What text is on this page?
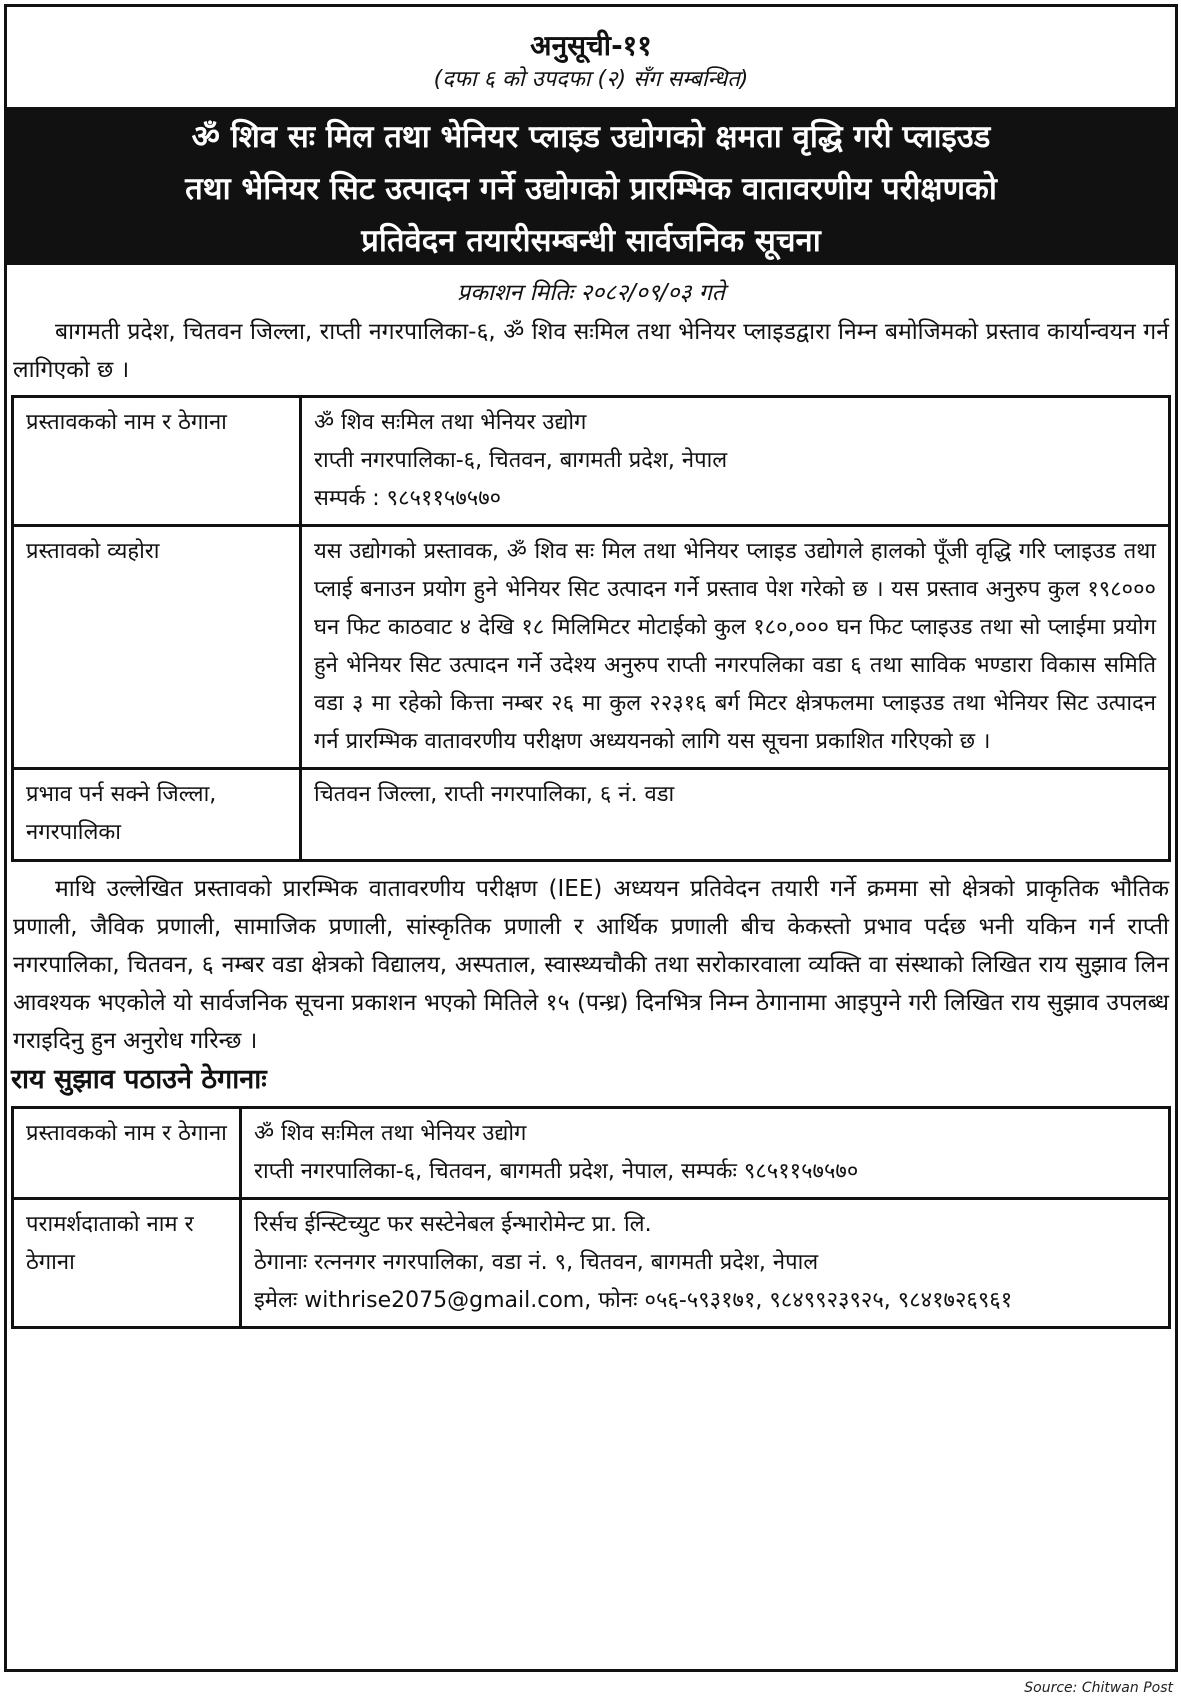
अनुसूची-११
(दफा ६ को उपदफा (२) सँग सम्बन्धित)
ॐ शिव सः मिल तथा भेनियर प्लाइड उद्योगको क्षमता वृद्धि गरी प्लाइउड
तथा भेनियर सिट उत्पादन गर्ने उद्योगको प्रारम्भिक वातावरणीय परीक्षणको
प्रतिवेदन तयारीसम्बन्धी सार्वजनिक सूचना
प्रकाशन मितिः २०८२/०९/०३ गते

बागमती प्रदेश, चितवन जिल्ला, राप्ती नगरपालिका-६, ॐ शिव सःमिल तथा भेनियर प्लाइडद्वारा निम्न बमोजिमको प्रस्ताव कार्यान्वयन गर्न लागिएको छ ।

प्रस्तावकको नाम र ठेगाना	ॐ शिव सःमिल तथा भेनियर उद्योग
राप्ती नगरपालिका-६, चितवन, बागमती प्रदेश, नेपाल
सम्पर्क : ९८५११५७५७०

प्रस्तावको व्यहोरा	यस उद्योगको प्रस्तावक, ॐ शिव सः मिल तथा भेनियर प्लाइड उद्योगले हालको पूँजी वृद्धि गरि प्लाइउड तथा प्लाई बनाउन प्रयोग हुने भेनियर सिट उत्पादन गर्ने प्रस्ताव पेश गरेको छ । यस प्रस्ताव अनुरुप कुल १९८००० घन फिट काठवाट ४ देखि १८ मिलिमिटर मोटाईको कुल १८०,००० घन फिट प्लाइउड तथा सो प्लाईमा प्रयोग हुने भेनियर सिट उत्पादन गर्ने उदेश्य अनुरुप राप्ती नगरपलिका वडा ६ तथा साविक भण्डारा विकास समिति वडा ३ मा रहेको कित्ता नम्बर २६ मा कुल २२३१६ बर्ग मिटर क्षेत्रफलमा प्लाइउड तथा भेनियर सिट उत्पादन गर्न प्रारम्भिक वातावरणीय परीक्षण अध्ययनको लागि यस सूचना प्रकाशित गरिएको छ ।

प्रभाव पर्न सक्ने जिल्ला, नगरपालिका	चितवन जिल्ला, राप्ती नगरपालिका, ६ नं. वडा

माथि उल्लेखित प्रस्तावको प्रारम्भिक वातावरणीय परीक्षण (IEE) अध्ययन प्रतिवेदन तयारी गर्ने क्रममा सो क्षेत्रको प्राकृतिक भौतिक प्रणाली, जैविक प्रणाली, सामाजिक प्रणाली, सांस्कृतिक प्रणाली र आर्थिक प्रणाली बीच केकस्तो प्रभाव पर्दछ भनी यकिन गर्न राप्ती नगरपालिका, चितवन, ६ नम्बर वडा क्षेत्रको विद्यालय, अस्पताल, स्वास्थ्यचौकी तथा सरोकारवाला व्यक्ति वा संस्थाको लिखित राय सुझाव लिन आवश्यक भएकोले यो सार्वजनिक सूचना प्रकाशन भएको मितिले १५ (पन्ध्र) दिनभित्र निम्न ठेगानामा आइपुग्ने गरी लिखित राय सुझाव उपलब्ध गराइदिनु हुन अनुरोध गरिन्छ ।

राय सुझाव पठाउने ठेगानाः
प्रस्तावकको नाम र ठेगाना	ॐ शिव सःमिल तथा भेनियर उद्योग
राप्ती नगरपालिका-६, चितवन, बागमती प्रदेश, नेपाल, सम्पर्कः ९८५११५७५७०

परामर्शदाताको नाम र ठेगाना	रिर्सच ईन्स्टिच्युट फर सस्टेनेबल ईन्भारोमेन्ट प्रा. लि.
ठेगानाः रत्ननगर नगरपालिका, वडा नं. ९, चितवन, बागमती प्रदेश, नेपाल
इमेलः withrise2075@gmail.com, फोनः ०५६-५९३१७१, ९८४९९२३९२५, ९८४१७२६९६१
Source: Chitwan Post
